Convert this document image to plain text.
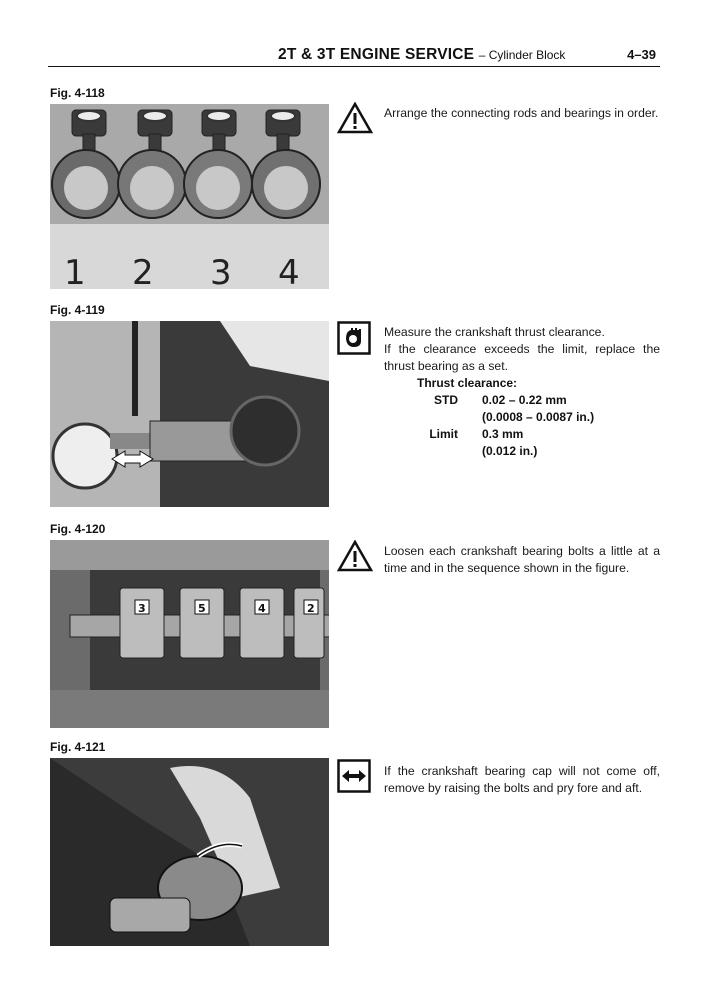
2T & 3T ENGINE SERVICE – Cylinder Block	4–39
Fig. 4-118
1 2 3 4
Arrange the connecting rods and bearings in order.
Fig. 4-119

Measure the crankshaft thrust clearance.

If the clearance exceeds the limit, replace the thrust bearing as a set.

Thrust clearance:
STD 0.02 – 0.22 mm
(0.0008 – 0.0087 in.)
Limit 0.3 mm
(0.012 in.)
Fig. 4-120
3	5	4	2
Loosen each crankshaft bearing bolts a little at a time and in the sequence shown in the figure.
Fig. 4-121
If the crankshaft bearing cap will not come off, remove by raising the bolts and pry fore and aft.
